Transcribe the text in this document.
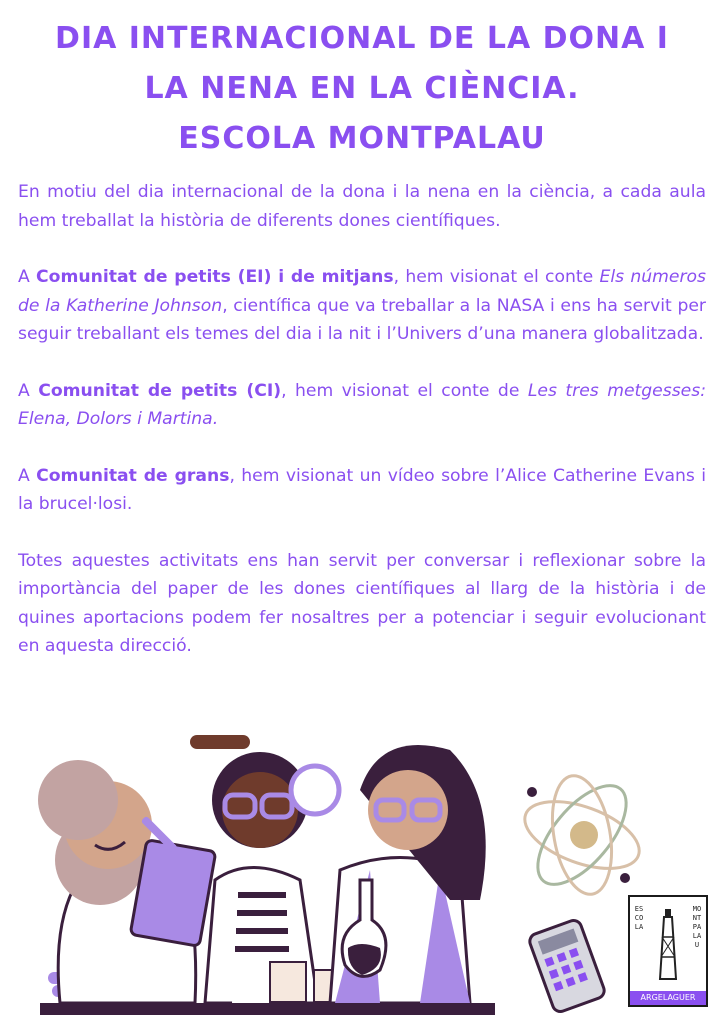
DIA INTERNACIONAL DE LA DONA I
LA NENA EN LA CIÈNCIA.
ESCOLA MONTPALAU

En motiu del dia internacional de la dona i la nena en la ciència, a cada aula hem treballat la història de diferents dones científiques.

A Comunitat de petits (EI) i de mitjans, hem visionat el conte Els números de la Katherine Johnson, científica que va treballar a la NASA i ens ha servit per seguir treballant els temes del dia i la nit i l’Univers d’una manera globalitzada.

A Comunitat de petits (CI), hem visionat el conte de Les tres metgesses: Elena, Dolors i Martina.

A Comunitat de grans, hem visionat un vídeo sobre l’Alice Catherine Evans i la brucel·losi.

Totes aquestes activitats ens han servit per conversar i reflexionar sobre la importància del paper de les dones científiques al llarg de la història i de quines aportacions podem fer nosaltres per a potenciar i seguir evolucionant en aquesta direcció.

ESCOLA
MONTPALAU
ARGELAGUER
